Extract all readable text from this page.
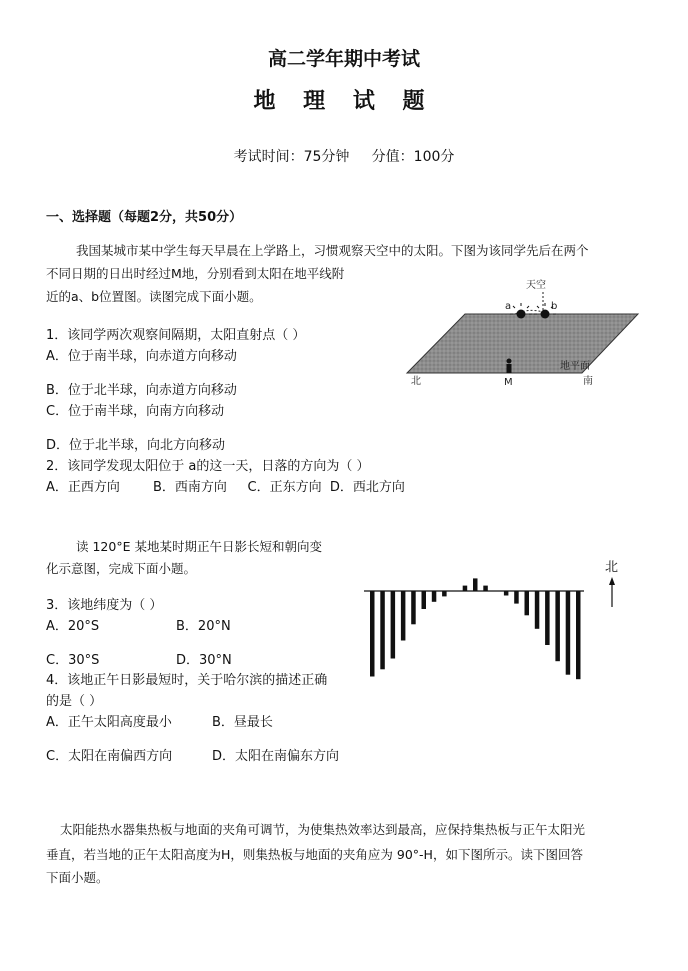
高二学年期中考试
地 理 试 题
考试时间：75分钟     分值：100分
一、选择题（每题2分，共50分）
我国某城市某中学生每天早晨在上学路上，习惯观察天空中的太阳。下图为该同学先后在两个
不同日期的日出时经过M地，分别看到太阳在地平线附
近的a、b位置图。读图完成下面小题。
天空
a	b
地平面
北	M	南
1．该同学两次观察间隔期，太阳直射点（ ）
A．位于南半球，向赤道方向移动
B．位于北半球，向赤道方向移动
C．位于南半球，向南方向移动
D．位于北半球，向北方向移动
2．该同学发现太阳位于 a的这一天，日落的方向为（ ）
A．正西方向        B．西南方向     C．正东方向  D．西北方向
读 120°E 某地某时期正午日影长短和朝向变
化示意图，完成下面小题。	北
3．该地纬度为（ ）
A．20°S	B．20°N
C．30°S	D．30°N
4．该地正午日影最短时，关于哈尔滨的描述正确
的是（ ）
A．正午太阳高度最小	B．昼最长
C．太阳在南偏西方向	D．太阳在南偏东方向
太阳能热水器集热板与地面的夹角可调节，为使集热效率达到最高，应保持集热板与正午太阳光
垂直，若当地的正午太阳高度为H，则集热板与地面的夹角应为 90°-H，如下图所示。读下图回答
下面小题。
